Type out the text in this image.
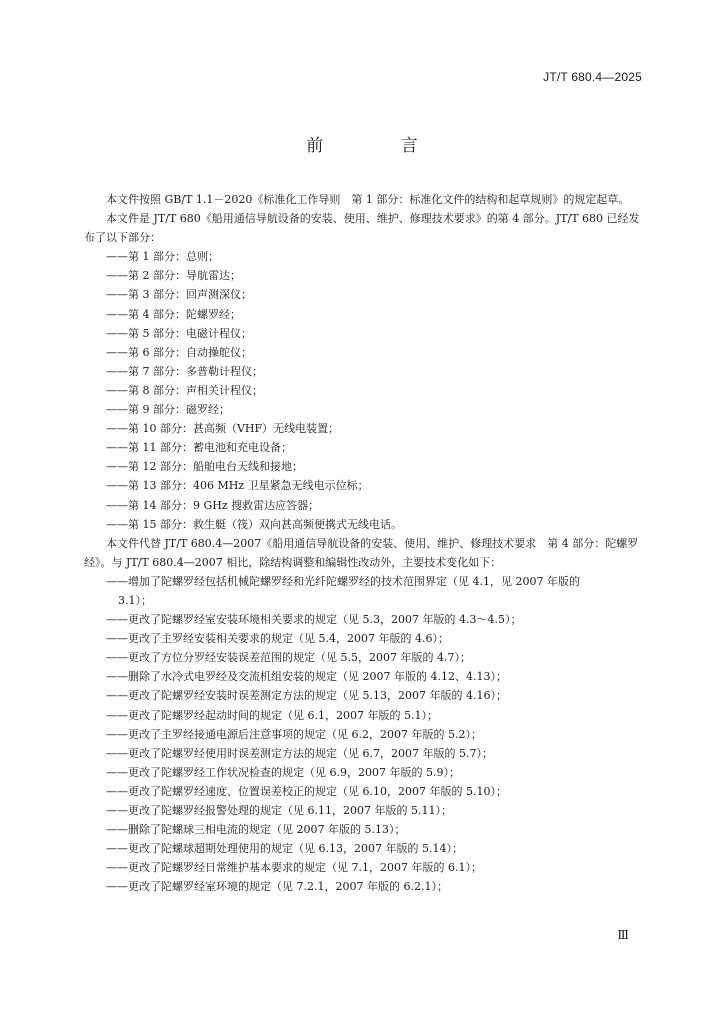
JT/T 680.4—2025
前 言

本文件按照 GB/T 1.1－2020《标准化工作导则　第 1 部分：标准化文件的结构和起草规则》的规定起草。

本文件是 JT/T 680《船用通信导航设备的安装、使用、维护、修理技术要求》的第 4 部分。JT/T 680 已经发布了以下部分：

——第 1 部分：总则；

——第 2 部分：导航雷达；

——第 3 部分：回声测深仪；

——第 4 部分：陀螺罗经；

——第 5 部分：电磁计程仪；

——第 6 部分：自动操舵仪；

——第 7 部分：多普勒计程仪；

——第 8 部分：声相关计程仪；

——第 9 部分：磁罗经；

——第 10 部分：甚高频（VHF）无线电装置；

——第 11 部分：蓄电池和充电设备；

——第 12 部分：船舶电台天线和接地；

——第 13 部分：406 MHz 卫星紧急无线电示位标；

——第 14 部分：9 GHz 搜救雷达应答器；

——第 15 部分：救生艇（筏）双向甚高频便携式无线电话。

本文件代替 JT/T 680.4—2007《船用通信导航设备的安装、使用、维护、修理技术要求　第 4 部分：陀螺罗经》。与 JT/T 680.4—2007 相比，除结构调整和编辑性改动外，主要技术变化如下：

——增加了陀螺罗经包括机械陀螺罗经和光纤陀螺罗经的技术范围界定（见 4.1，见 2007 年版的
3.1）；

——更改了陀螺罗经室安装环境相关要求的规定（见 5.3，2007 年版的 4.3～4.5）；

——更改了主罗经安装相关要求的规定（见 5.4，2007 年版的 4.6）；

——更改了方位分罗经安装误差范围的规定（见 5.5，2007 年版的 4.7）；

——删除了水冷式电罗经及交流机组安装的规定（见 2007 年版的 4.12、4.13）；

——更改了陀螺罗经安装时误差测定方法的规定（见 5.13，2007 年版的 4.16）；

——更改了陀螺罗经起动时间的规定（见 6.1，2007 年版的 5.1）；

——更改了主罗经接通电源后注意事项的规定（见 6.2，2007 年版的 5.2）；

——更改了陀螺罗经使用时误差测定方法的规定（见 6.7，2007 年版的 5.7）；

——更改了陀螺罗经工作状况检查的规定（见 6.9，2007 年版的 5.9）；

——更改了陀螺罗经速度、位置误差校正的规定（见 6.10，2007 年版的 5.10）；

——更改了陀螺罗经报警处理的规定（见 6.11，2007 年版的 5.11）；

——删除了陀螺球三相电流的规定（见 2007 年版的 5.13）；

——更改了陀螺球超期处理使用的规定（见 6.13，2007 年版的 5.14）；

——更改了陀螺罗经日常维护基本要求的规定（见 7.1，2007 年版的 6.1）；

——更改了陀螺罗经室环境的规定（见 7.2.1，2007 年版的 6.2.1）；

Ⅲ
